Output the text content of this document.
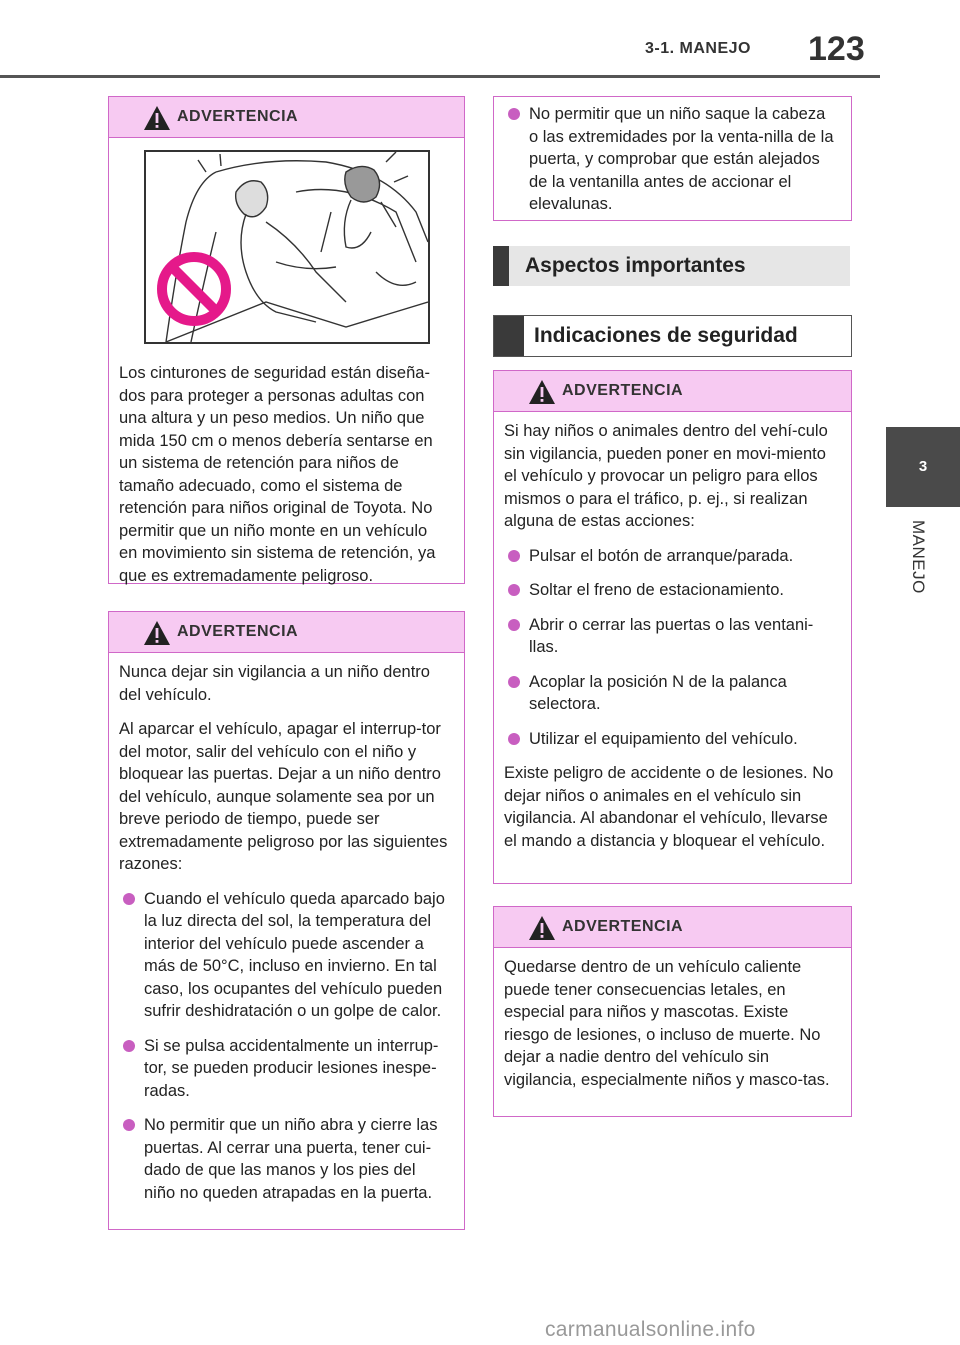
3-1. MANEJO 123
3
MANEJO
ADVERTENCIA

Los cinturones de seguridad están diseña-dos para proteger a personas adultas con una altura y un peso medios. Un niño que mida 150 cm o menos debería sentarse en un sistema de retención para niños de tamaño adecuado, como el sistema de retención para niños original de Toyota. No permitir que un niño monte en un vehículo en movimiento sin sistema de retención, ya que es extremadamente peligroso.

ADVERTENCIA

Nunca dejar sin vigilancia a un niño dentro del vehículo.

Al aparcar el vehículo, apagar el interrup-tor del motor, salir del vehículo con el niño y bloquear las puertas. Dejar a un niño dentro del vehículo, aunque solamente sea por un breve periodo de tiempo, puede ser extremadamente peligroso por las siguientes razones:

Cuando el vehículo queda aparcado bajo la luz directa del sol, la temperatura del interior del vehículo puede ascender a más de 50°C, incluso en invierno. En tal caso, los ocupantes del vehículo pueden sufrir deshidratación o un golpe de calor.
Si se pulsa accidentalmente un interrup-tor, se pueden producir lesiones inespe-radas.
No permitir que un niño abra y cierre las puertas. Al cerrar una puerta, tener cui-dado de que las manos y los pies del niño no queden atrapadas en la puerta.
No permitir que un niño saque la cabeza o las extremidades por la venta-nilla de la puerta, y comprobar que están alejados de la ventanilla antes de accionar el elevalunas.
Aspectos importantes
Indicaciones de seguridad
ADVERTENCIA

Si hay niños o animales dentro del vehí-culo sin vigilancia, pueden poner en movi-miento el vehículo y provocar un peligro para ellos mismos o para el tráfico, p. ej., si realizan alguna de estas acciones:

Pulsar el botón de arranque/parada.
Soltar el freno de estacionamiento.
Abrir o cerrar las puertas o las ventani-llas.
Acoplar la posición N de la palanca selectora.
Utilizar el equipamiento del vehículo.

Existe peligro de accidente o de lesiones. No dejar niños o animales en el vehículo sin vigilancia. Al abandonar el vehículo, llevarse el mando a distancia y bloquear el vehículo.

ADVERTENCIA

Quedarse dentro de un vehículo caliente puede tener consecuencias letales, en especial para niños y mascotas. Existe riesgo de lesiones, o incluso de muerte. No dejar a nadie dentro del vehículo sin vigilancia, especialmente niños y masco-tas.

carmanualsonline.info
